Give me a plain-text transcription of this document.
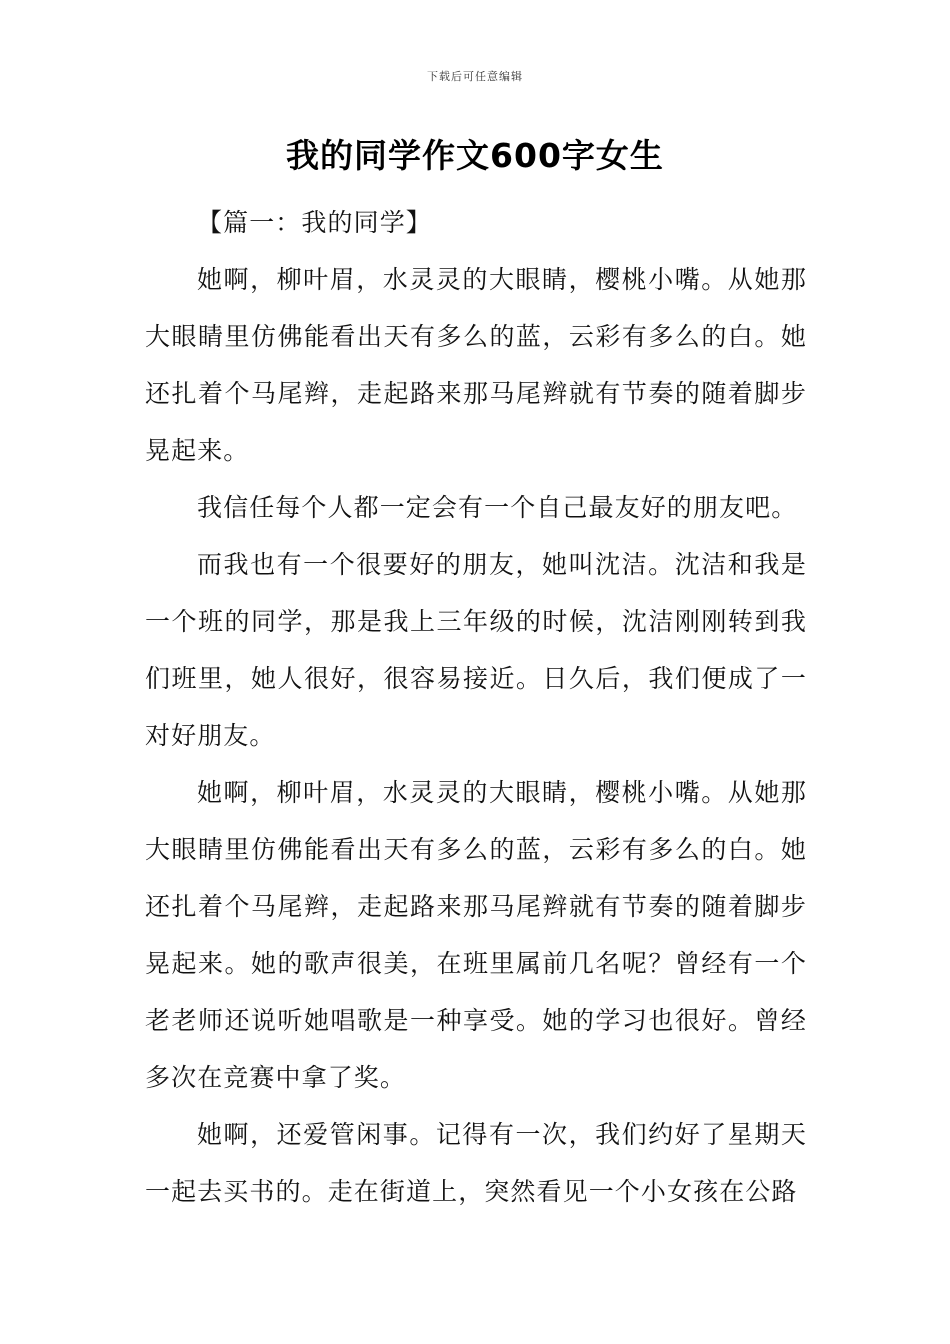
下载后可任意编辑
我的同学作文600字女生

【篇一：我的同学】

她啊，柳叶眉，水灵灵的大眼睛，樱桃小嘴。从她那大眼睛里仿佛能看出天有多么的蓝，云彩有多么的白。她还扎着个马尾辫，走起路来那马尾辫就有节奏的随着脚步晃起来。

我信任每个人都一定会有一个自己最友好的朋友吧。

而我也有一个很要好的朋友，她叫沈洁。沈洁和我是一个班的同学，那是我上三年级的时候，沈洁刚刚转到我们班里，她人很好，很容易接近。日久后，我们便成了一对好朋友。

她啊，柳叶眉，水灵灵的大眼睛，樱桃小嘴。从她那大眼睛里仿佛能看出天有多么的蓝，云彩有多么的白。她还扎着个马尾辫，走起路来那马尾辫就有节奏的随着脚步晃起来。她的歌声很美，在班里属前几名呢？曾经有一个老老师还说听她唱歌是一种享受。她的学习也很好。曾经多次在竞赛中拿了奖。

她啊，还爱管闲事。记得有一次，我们约好了星期天一起去买书的。走在街道上，突然看见一个小女孩在公路
